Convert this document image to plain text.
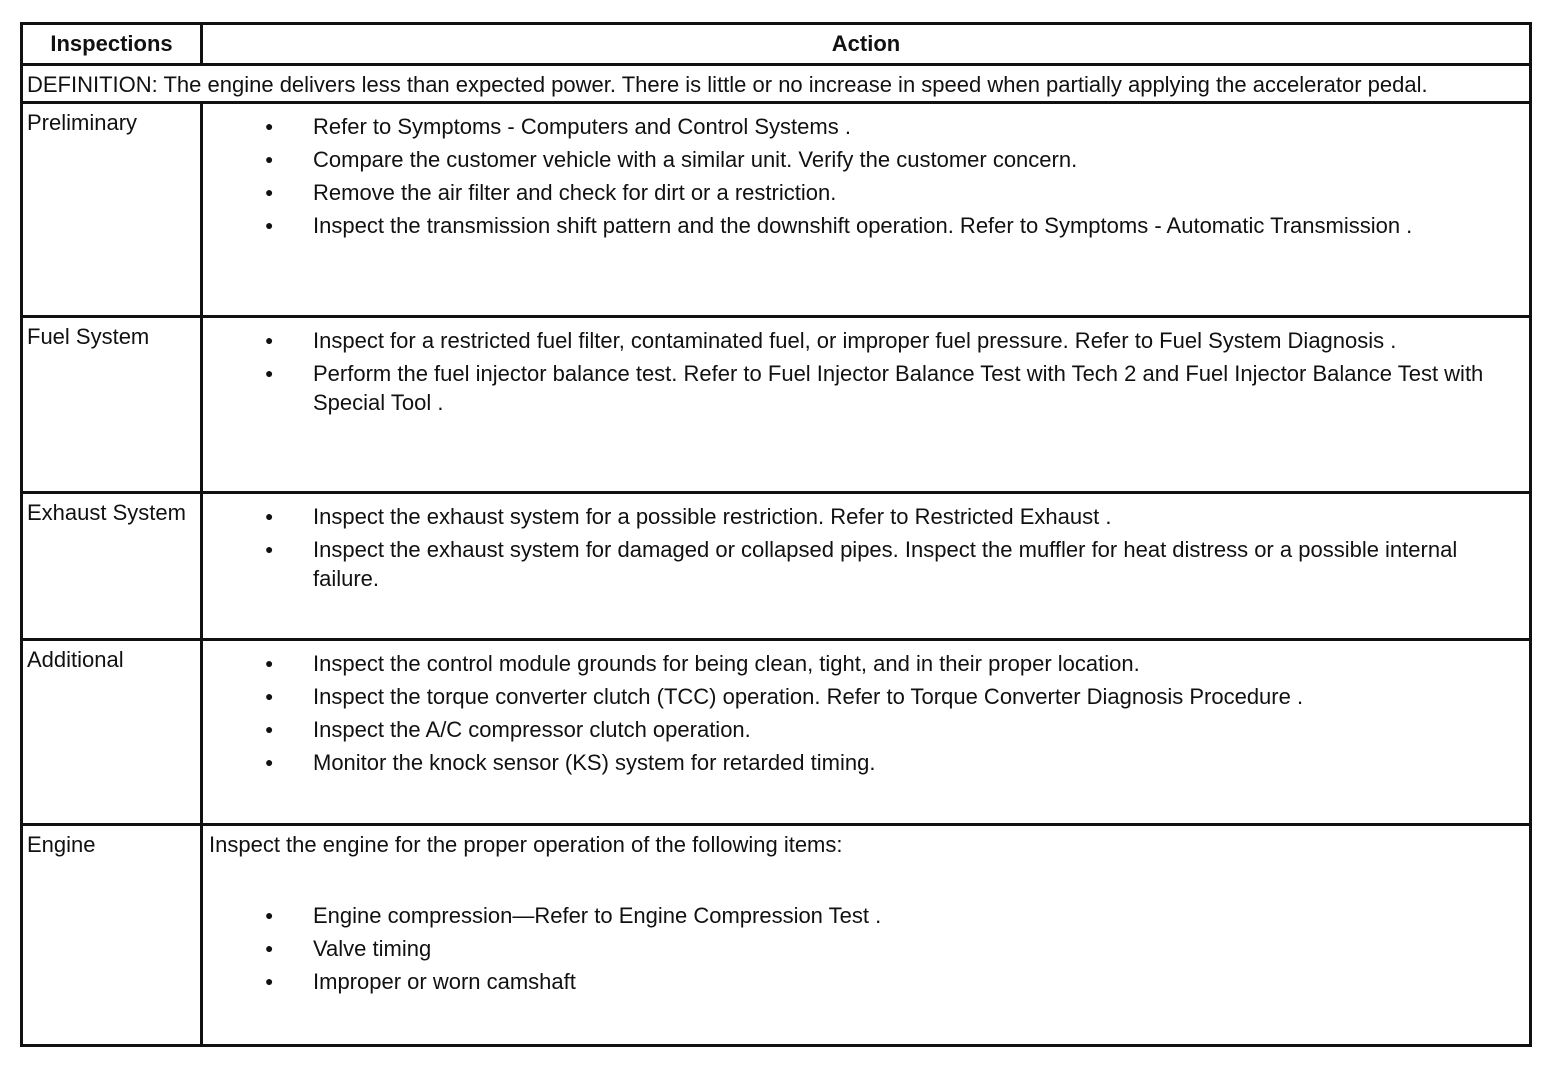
Inspections	Action
DEFINITION: The engine delivers less than expected power. There is little or no increase in speed when partially applying the accelerator pedal.
Preliminary	● Refer to Symptoms - Computers and Control Systems .
● Compare the customer vehicle with a similar unit. Verify the customer concern.
● Remove the air filter and check for dirt or a restriction.
● Inspect the transmission shift pattern and the downshift operation. Refer to Symptoms - Automatic Transmission .
Fuel System	● Inspect for a restricted fuel filter, contaminated fuel, or improper fuel pressure. Refer to Fuel System Diagnosis .
● Perform the fuel injector balance test. Refer to Fuel Injector Balance Test with Tech 2 and Fuel Injector Balance Test with Special Tool .
Exhaust System	● Inspect the exhaust system for a possible restriction. Refer to Restricted Exhaust .
● Inspect the exhaust system for damaged or collapsed pipes. Inspect the muffler for heat distress or a possible internal failure.
Additional	● Inspect the control module grounds for being clean, tight, and in their proper location.
● Inspect the torque converter clutch (TCC) operation. Refer to Torque Converter Diagnosis Procedure .
● Inspect the A/C compressor clutch operation.
● Monitor the knock sensor (KS) system for retarded timing.
Engine	Inspect the engine for the proper operation of the following items:
● Engine compression—Refer to Engine Compression Test .
● Valve timing
● Improper or worn camshaft
